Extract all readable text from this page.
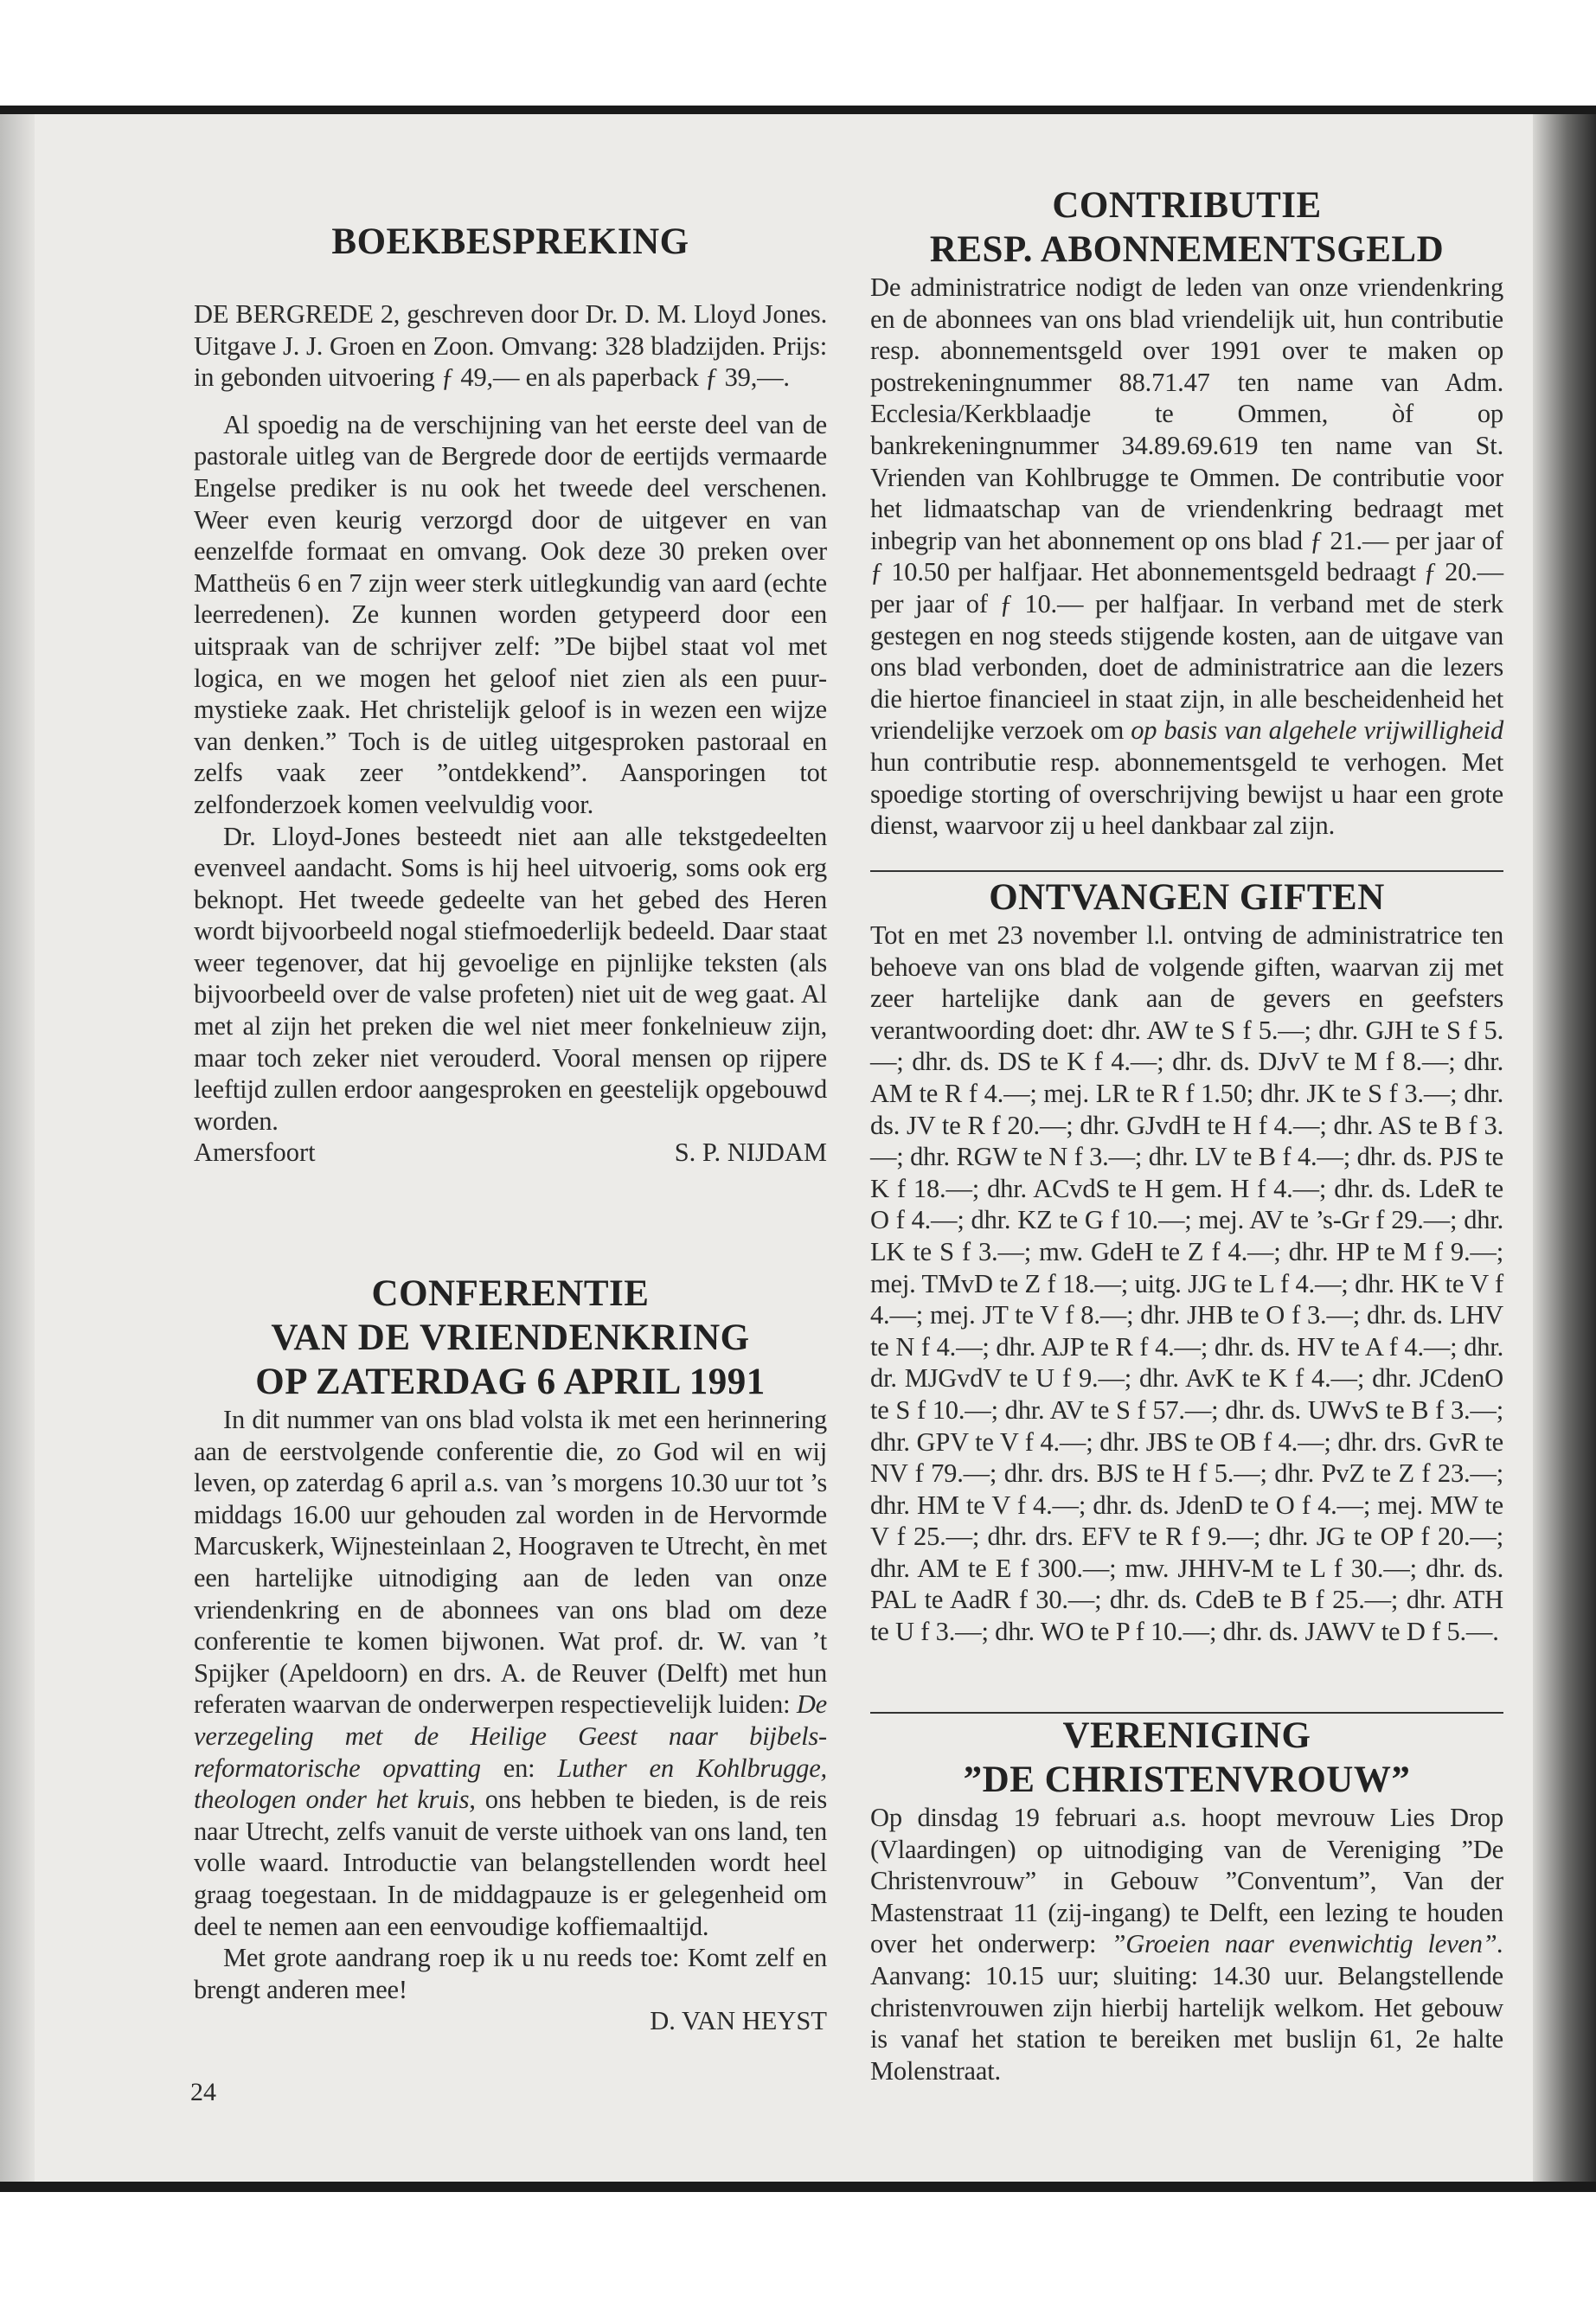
BOEKBESPREKING

DE BERGREDE 2, geschreven door Dr. D. M. Lloyd Jones. Uitgave J. J. Groen en Zoon. Omvang: 328 bladzijden. Prijs: in gebonden uitvoering ƒ 49,— en als paperback ƒ 39,—.

Al spoedig na de verschijning van het eerste deel van de pastorale uitleg van de Bergrede door de eertijds vermaarde Engelse prediker is nu ook het tweede deel verschenen. Weer even keurig verzorgd door de uitgever en van eenzelfde formaat en omvang. Ook deze 30 preken over Mattheüs 6 en 7 zijn weer sterk uitlegkundig van aard (echte leerredenen). Ze kunnen worden getypeerd door een uitspraak van de schrijver zelf: ”De bijbel staat vol met logica, en we mogen het geloof niet zien als een puur-mystieke zaak. Het christelijk geloof is in wezen een wijze van denken.” Toch is de uitleg uitgesproken pastoraal en zelfs vaak zeer ”ontdekkend”. Aansporingen tot zelfonderzoek komen veelvuldig voor.

Dr. Lloyd-Jones besteedt niet aan alle tekstgedeelten evenveel aandacht. Soms is hij heel uitvoerig, soms ook erg beknopt. Het tweede gedeelte van het gebed des Heren wordt bijvoorbeeld nogal stiefmoederlijk bedeeld. Daar staat weer tegenover, dat hij gevoelige en pijnlijke teksten (als bijvoorbeeld over de valse profeten) niet uit de weg gaat. Al met al zijn het preken die wel niet meer fonkelnieuw zijn, maar toch zeker niet verouderd. Vooral mensen op rijpere leeftijd zullen erdoor aangesproken en geestelijk opgebouwd worden.

Amersfoort	S. P. NIJDAM
CONFERENTIE
VAN DE VRIENDENKRING
OP ZATERDAG 6 APRIL 1991

In dit nummer van ons blad volsta ik met een herinnering aan de eerstvolgende conferentie die, zo God wil en wij leven, op zaterdag 6 april a.s. van ’s morgens 10.30 uur tot ’s middags 16.00 uur gehouden zal worden in de Hervormde Marcuskerk, Wijnesteinlaan 2, Hoograven te Utrecht, èn met een hartelijke uitnodiging aan de leden van onze vriendenkring en de abonnees van ons blad om deze conferentie te komen bijwonen. Wat prof. dr. W. van ’t Spijker (Apeldoorn) en drs. A. de Reuver (Delft) met hun referaten waarvan de onderwerpen respectievelijk luiden: De verzegeling met de Heilige Geest naar bijbels-reformatorische opvatting en: Luther en Kohlbrugge, theologen onder het kruis, ons hebben te bieden, is de reis naar Utrecht, zelfs vanuit de verste uithoek van ons land, ten volle waard. Introductie van belangstellenden wordt heel graag toegestaan. In de middagpauze is er gelegenheid om deel te nemen aan een eenvoudige koffiemaaltijd.

Met grote aandrang roep ik u nu reeds toe: Komt zelf en brengt anderen mee!

D. VAN HEYST
24
CONTRIBUTIE
RESP. ABONNEMENTSGELD

De administratrice nodigt de leden van onze vriendenkring en de abonnees van ons blad vriendelijk uit, hun contributie resp. abonnementsgeld over 1991 over te maken op postrekeningnummer 88.71.47 ten name van Adm. Ecclesia/Kerkblaadje te Ommen, òf op bankrekeningnummer 34.89.69.619 ten name van St. Vrienden van Kohlbrugge te Ommen. De contributie voor het lidmaatschap van de vriendenkring bedraagt met inbegrip van het abonnement op ons blad ƒ 21.— per jaar of ƒ 10.50 per halfjaar. Het abonnementsgeld bedraagt ƒ 20.— per jaar of ƒ 10.— per halfjaar. In verband met de sterk gestegen en nog steeds stijgende kosten, aan de uitgave van ons blad verbonden, doet de administratrice aan die lezers die hiertoe financieel in staat zijn, in alle bescheidenheid het vriendelijke verzoek om op basis van algehele vrijwilligheid hun contributie resp. abonnementsgeld te verhogen. Met spoedige storting of overschrijving bewijst u haar een grote dienst, waarvoor zij u heel dankbaar zal zijn.

ONTVANGEN GIFTEN

Tot en met 23 november l.l. ontving de administratrice ten behoeve van ons blad de volgende giften, waarvan zij met zeer hartelijke dank aan de gevers en geefsters verantwoording doet: dhr. AW te S f 5.—; dhr. GJH te S f 5.—; dhr. ds. DS te K f 4.—; dhr. ds. DJvV te M f 8.—; dhr. AM te R f 4.—; mej. LR te R f 1.50; dhr. JK te S f 3.—; dhr. ds. JV te R f 20.—; dhr. GJvdH te H f 4.—; dhr. AS te B f 3.—; dhr. RGW te N f 3.—; dhr. LV te B f 4.—; dhr. ds. PJS te K f 18.—; dhr. ACvdS te H gem. H f 4.—; dhr. ds. LdeR te O f 4.—; dhr. KZ te G f 10.—; mej. AV te ’s-Gr f 29.—; dhr. LK te S f 3.—; mw. GdeH te Z f 4.—; dhr. HP te M f 9.—; mej. TMvD te Z f 18.—; uitg. JJG te L f 4.—; dhr. HK te V f 4.—; mej. JT te V f 8.—; dhr. JHB te O f 3.—; dhr. ds. LHV te N f 4.—; dhr. AJP te R f 4.—; dhr. ds. HV te A f 4.—; dhr. dr. MJGvdV te U f 9.—; dhr. AvK te K f 4.—; dhr. JCdenO te S f 10.—; dhr. AV te S f 57.—; dhr. ds. UWvS te B f 3.—; dhr. GPV te V f 4.—; dhr. JBS te OB f 4.—; dhr. drs. GvR te NV f 79.—; dhr. drs. BJS te H f 5.—; dhr. PvZ te Z f 23.—; dhr. HM te V f 4.—; dhr. ds. JdenD te O f 4.—; mej. MW te V f 25.—; dhr. drs. EFV te R f 9.—; dhr. JG te OP f 20.—; dhr. AM te E f 300.—; mw. JHHV-M te L f 30.—; dhr. ds. PAL te AadR f 30.—; dhr. ds. CdeB te B f 25.—; dhr. ATH te U f 3.—; dhr. WO te P f 10.—; dhr. ds. JAWV te D f 5.—.

VERENIGING
”DE CHRISTENVROUW”

Op dinsdag 19 februari a.s. hoopt mevrouw Lies Drop (Vlaardingen) op uitnodiging van de Vereniging ”De Christenvrouw” in Gebouw ”Conventum”, Van der Mastenstraat 11 (zij-ingang) te Delft, een lezing te houden over het onderwerp: ”Groeien naar evenwichtig leven”. Aanvang: 10.15 uur; sluiting: 14.30 uur. Belangstellende christenvrouwen zijn hierbij hartelijk welkom. Het gebouw is vanaf het station te bereiken met buslijn 61, 2e halte Molenstraat.
